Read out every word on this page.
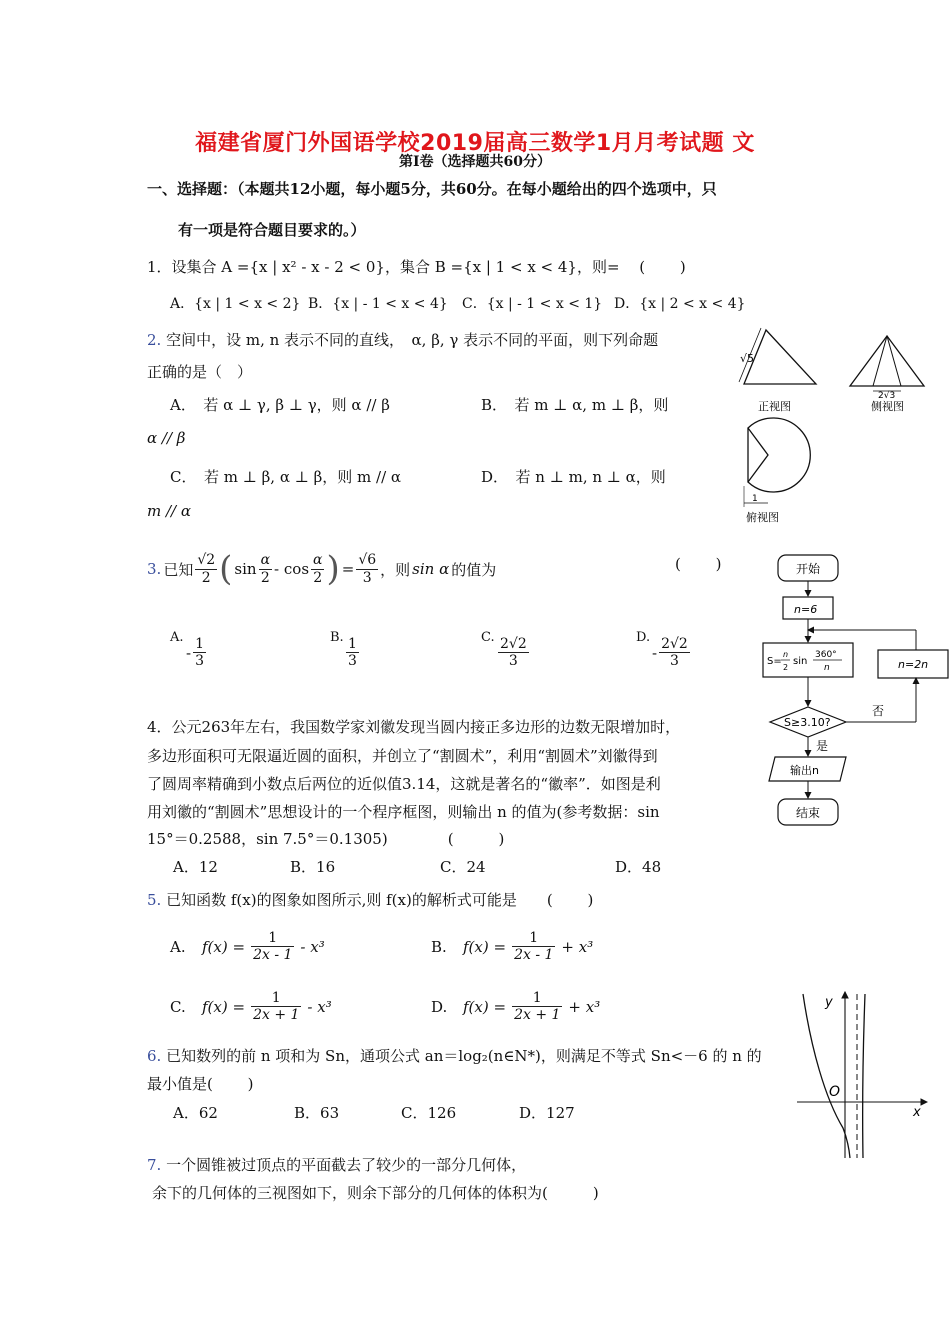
福建省厦门外国语学校2019届高三数学1月月考试题 文
第Ⅰ卷（选择题共60分）
一、选择题：（本题共12小题，每小题5分，共60分。在每小题给出的四个选项中，只
有一项是符合题目要求的。）
1．设集合 A ={x | x² - x - 2 < 0}，集合 B ={x | 1 < x < 4}，则=　 (　　 )
A．{x | 1 < x < 2} B．{x | - 1 < x < 4} C．{x | - 1 < x < 1} D．{x | 2 < x < 4}
2. 空间中，设 m, n 表示不同的直线，　α, β, γ 表示不同的平面，则下列命题
正确的是（　）
A．　若 α ⊥ γ, β ⊥ γ，则 α // β	B．　若 m ⊥ α, m ⊥ β，则
α // β
C．　若 m ⊥ β, α ⊥ β，则 m // α	D．　若 n ⊥ m, n ⊥ α，则
m // α
3. 已知 $\frac{√2}{2}$ ( $\sin \frac{\alpha}{2}$ - $\cos \frac{\alpha}{2}$ ) = $\frac{√6}{3}$ ，则 sin α 的值为	(　　 )
A.
- $\frac{1}{3}$	B. $\frac{1}{3}$	C. $\frac{2√2}{3}$	D.
- $\frac{2√2}{3}$
4．公元263年左右，我国数学家刘徽发现当圆内接正多边形的边数无限增加时，
多边形面积可无限逼近圆的面积，并创立了“割圆术”，利用“割圆术”刘徽得到
了圆周率精确到小数点后两位的近似值3.14，这就是著名的“徽率”．如图是利
用刘徽的“割圆术”思想设计的一个程序框图，则输出 n 的值为(参考数据：sin
15°＝0.2588，sin 7.5°＝0.1305)　　　　(　　　)
A．12	B．16	C．24	D．48
5. 已知函数 f(x)的图象如图所示,则 f(x)的解析式可能是　　(　　 )
A.	$f(x) = \frac{1}{2x - 1} - x^3$	B.	$f(x) = \frac{1}{2x - 1} + x^3$
C.	$f(x) = \frac{1}{2x + 1} - x^3$	D.	$f(x) = \frac{1}{2x + 1} + x^3$
6. 已知数列的前 n 项和为 Sn，通项公式 an＝log₂(n∈N*)，则满足不等式 Sn<－6 的 n 的
最小值是(　　 )
A．62	B．63	C．126	D．127
7. 一个圆锥被过顶点的平面截去了较少的一部分几何体，
余下的几何体的三视图如下，则余下部分的几何体的体积为(　　　)
√5
正视图
2√3
侧视图
1
俯视图
开始
n=6
S=
n
2
sin
360°
n
S≥3.10?
否
n=2n
是
输出n
结束
y
x
O
